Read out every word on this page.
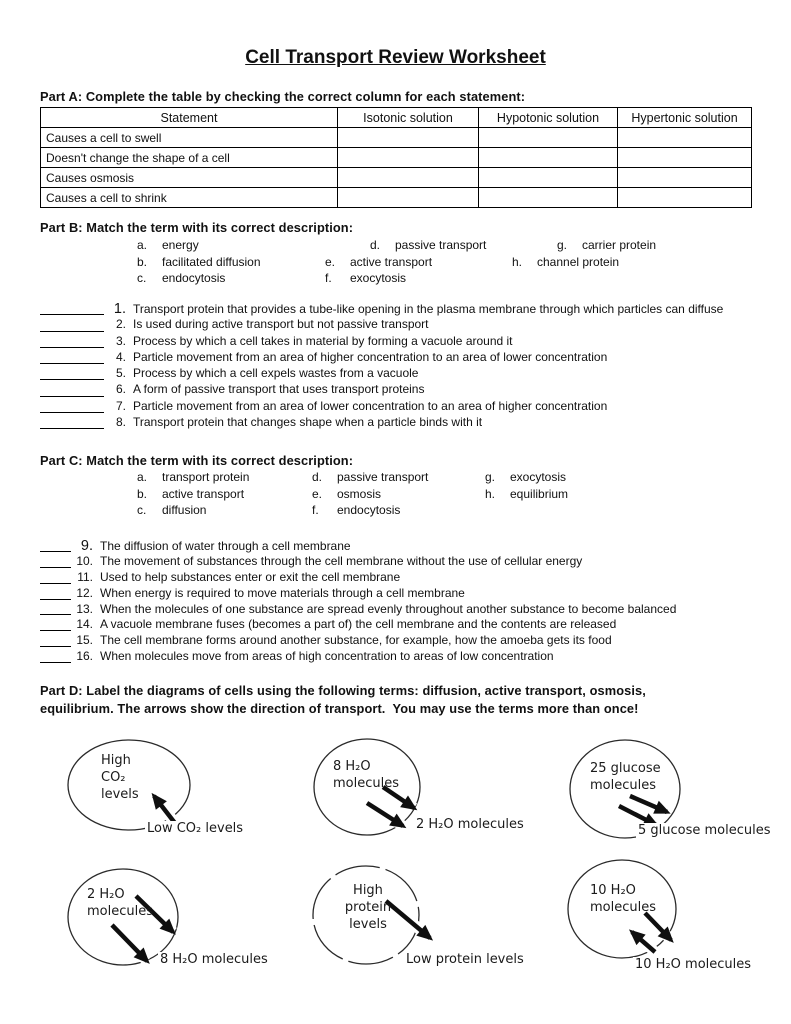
Cell Transport Review Worksheet
Part A: Complete the table by checking the correct column for each statement:
Statement	Isotonic solution	Hypotonic solution	Hypertonic solution
Causes a cell to swell			
Doesn't change the shape of a cell			
Causes osmosis			
Causes a cell to shrink			
Part B: Match the term with its correct description:
a. energy
b. facilitated diffusion
c. endocytosis
d. passive transport
e. active transport
f. exocytosis
g. carrier protein
h. channel protein
1. Transport protein that provides a tube-like opening in the plasma membrane through which particles can diffuse
2. Is used during active transport but not passive transport
3. Process by which a cell takes in material by forming a vacuole around it
4. Particle movement from an area of higher concentration to an area of lower concentration
5. Process by which a cell expels wastes from a vacuole
6. A form of passive transport that uses transport proteins
7. Particle movement from an area of lower concentration to an area of higher concentration
8. Transport protein that changes shape when a particle binds with it
Part C: Match the term with its correct description:
a. transport protein
b. active transport
c. diffusion
d. passive transport
e. osmosis
f. endocytosis
g. exocytosis
h. equilibrium
9. The diffusion of water through a cell membrane
10. The movement of substances through the cell membrane without the use of cellular energy
11. Used to help substances enter or exit the cell membrane
12. When energy is required to move materials through a cell membrane
13. When the molecules of one substance are spread evenly throughout another substance to become balanced
14. A vacuole membrane fuses (becomes a part of) the cell membrane and the contents are released
15. The cell membrane forms around another substance, for example, how the amoeba gets its food
16. When molecules move from areas of high concentration to areas of low concentration
Part D: Label the diagrams of cells using the following terms: diffusion, active transport, osmosis,
equilibrium. The arrows show the direction of transport.  You may use the terms more than once!
High
CO₂
levels
Low CO₂ levels
8 H₂O
molecules
2 H₂O molecules
25 glucose
molecules
5 glucose molecules
2 H₂O
molecules
8 H₂O molecules
High
protein
levels
Low protein levels
10 H₂O
molecules
10 H₂O molecules
